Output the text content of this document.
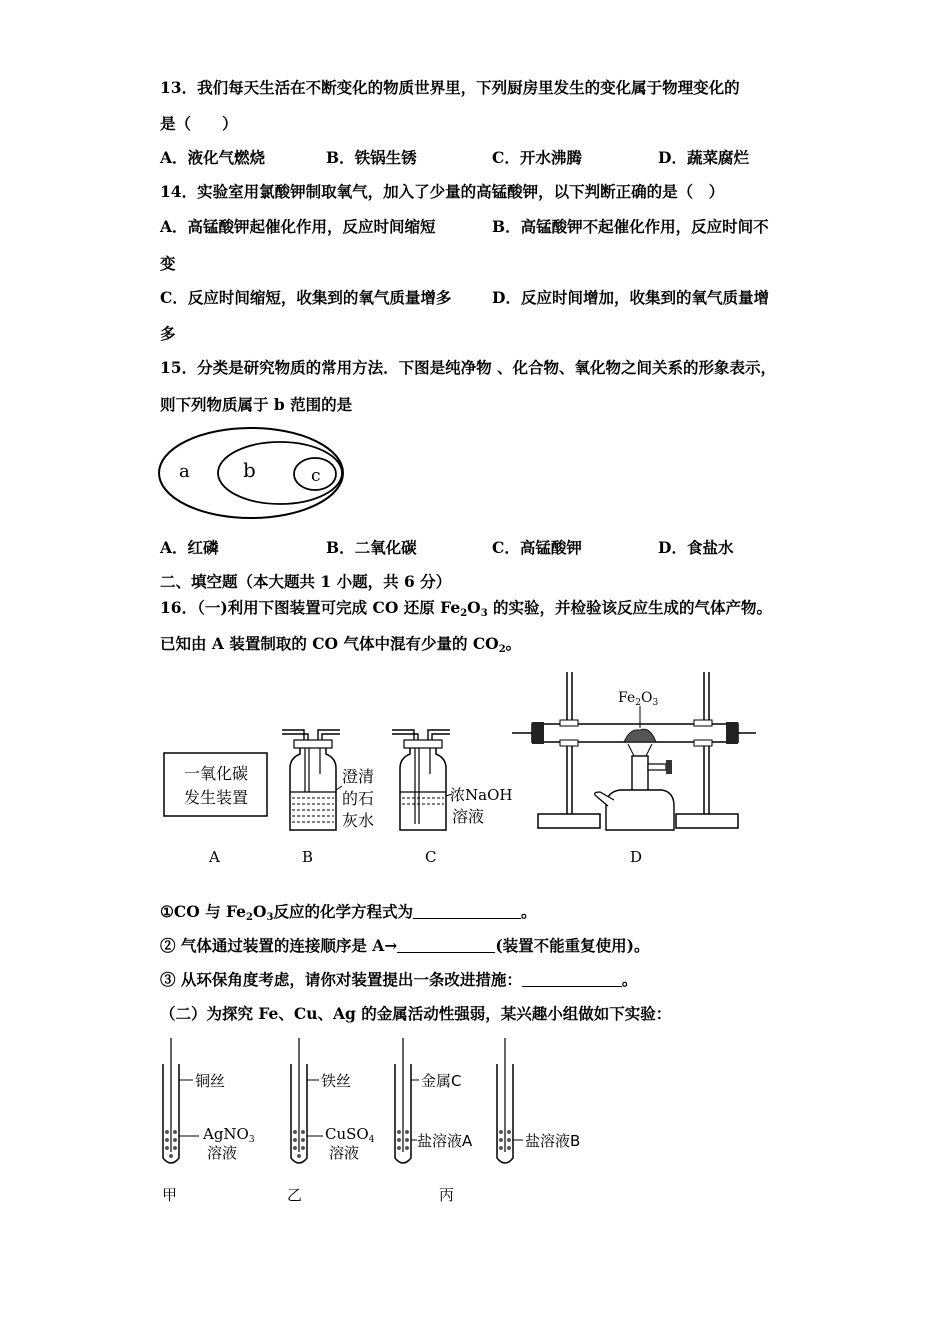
13．我们每天生活在不断变化的物质世界里，下列厨房里发生的变化属于物理变化的
是（　　）
A．液化气燃烧	B．铁锅生锈	C．开水沸腾	D．蔬菜腐烂
14．实验室用氯酸钾制取氧气，加入了少量的高锰酸钾，以下判断正确的是（　）
A．高锰酸钾起催化作用，反应时间缩短	B．高锰酸钾不起催化作用，反应时间不
变
C．反应时间缩短，收集到的氧气质量增多	D．反应时间增加，收集到的氧气质量增
多
15．分类是研究物质的常用方法．下图是纯净物 、化合物、氧化物之间关系的形象表示，
则下列物质属于 b 范围的是
a	b	c
A．红磷	B．二氧化碳	C．高锰酸钾	D．食盐水
二、填空题（本大题共 1 小题，共 6 分）
16．（一)利用下图装置可完成 CO 还原 $Fe_2O_3$ 的实验，并检验该反应生成的气体产物。
已知由 A 装置制取的 CO 气体中混有少量的 $CO_2$。
一氧化碳
发生装置
澄清
的石
灰水
浓NaOH
溶液
$Fe_2O_3$
A	B	C	D
①CO 与 $Fe_2O_3$反应的化学方程式为	。
② 气体通过装置的连接顺序是 A→	(装置不能重复使用)。
③ 从环保角度考虑，请你对装置提出一条改进措施：	。
（二）为探究 Fe、Cu、Ag 的金属活动性强弱，某兴趣小组做如下实验：
铜丝
AgNO$_3$
溶液
铁丝
CuSO$_4$
溶液
金属C
盐溶液A	盐溶液B
甲	乙	丙
